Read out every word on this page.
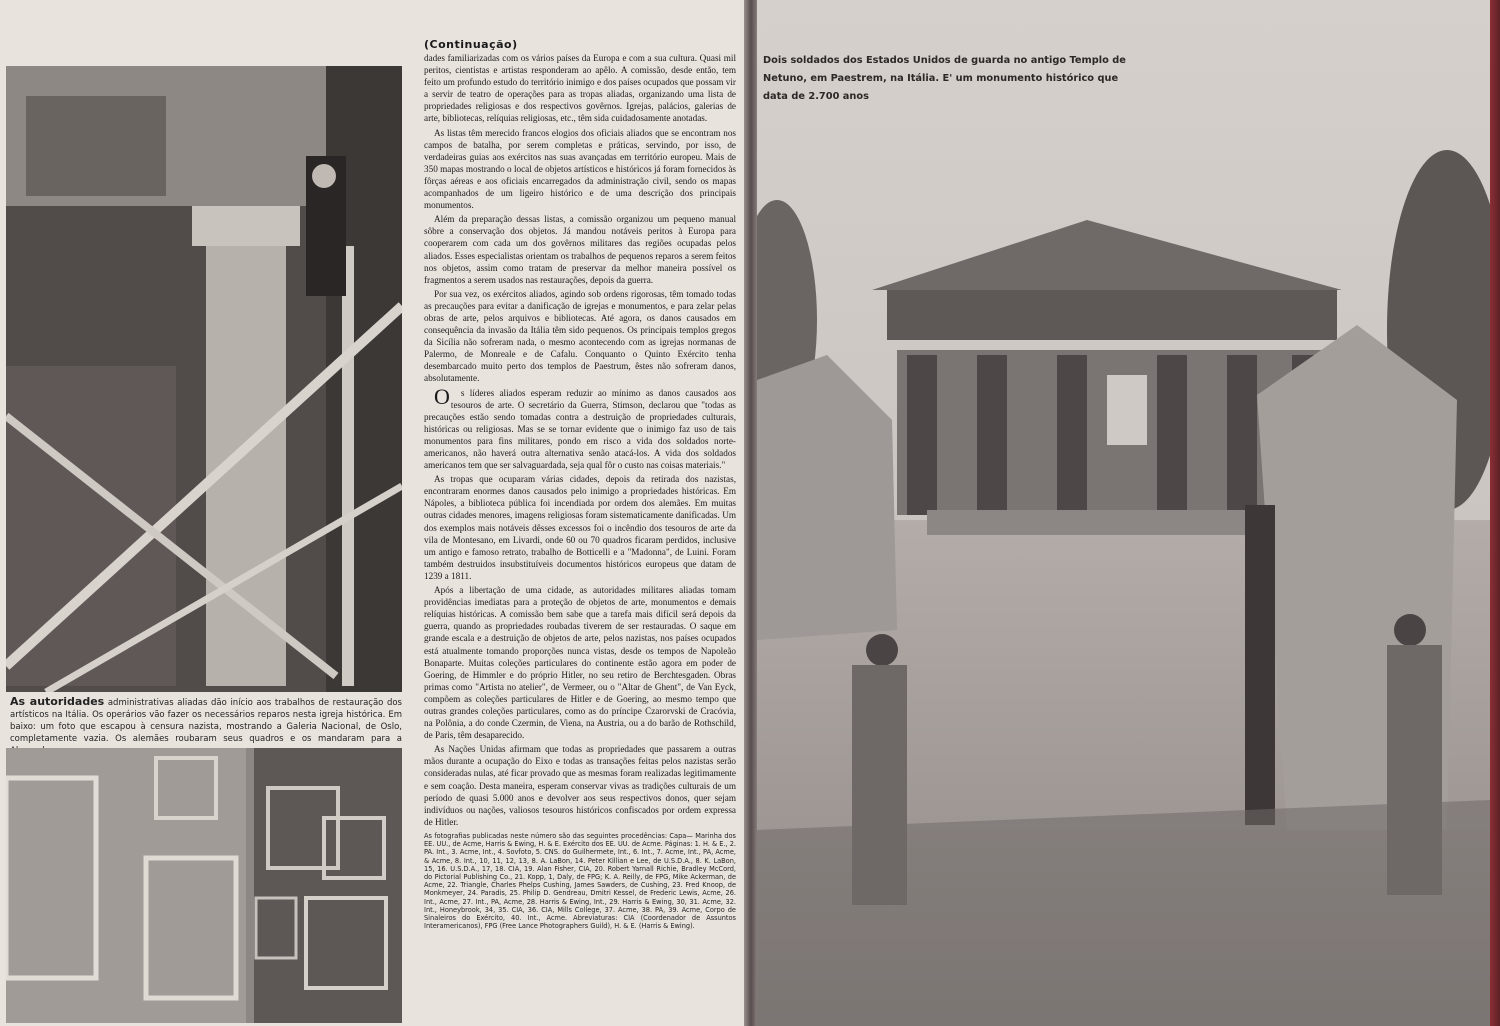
As autoridades administrativas aliadas dão início aos trabalhos de restauração dos artísticos na Itália. Os operários vão fazer os necessários reparos nesta igreja histórica. Em baixo: um foto que escapou à censura nazista, mostrando a Galeria Nacional, de Oslo, completamente vazia. Os alemães roubaram seus quadros e os mandaram para a
(Continuação)

dades familiarizadas com os vários países da Europa e com a sua cultura. Quasi mil peritos, cientistas e artistas responderam ao apêlo. A comissão, desde então, tem feito um profundo estudo do território inimigo e dos países ocupados que possam vir a servir de teatro de operações para as tropas aliadas, organizando uma lista de propriedades religiosas e dos respectivos govêrnos. Igrejas, palácios, galerias de arte, bibliotecas, relíquias religiosas, etc., têm sida cuidadosamente anotadas.

As listas têm merecido francos elogios dos oficiais aliados que se encontram nos campos de batalha, por serem completas e práticas, servindo, por isso, de verdadeiras guias aos exércitos nas suas avançadas em território europeu. Mais de 350 mapas mostrando o local de objetos artísticos e históricos já foram fornecidos às fôrças aéreas e aos oficiais encarregados da administração civil, sendo os mapas acompanhados de um ligeiro histórico e de uma descrição dos principais monumentos.

Além da preparação dessas listas, a comissão organizou um pequeno manual sôbre a conservação dos objetos. Já mandou notáveis peritos à Europa para cooperarem com cada um dos govêrnos militares das regiões ocupadas pelos aliados. Esses especialistas orientam os trabalhos de pequenos reparos a serem feitos nos objetos, assim como tratam de preservar da melhor maneira possível os fragmentos a serem usados nas restaurações, depois da guerra.

Por sua vez, os exércitos aliados, agindo sob ordens rigorosas, têm tomado todas as precauções para evitar a danificação de igrejas e monumentos, e para zelar pelas obras de arte, pelos arquivos e bibliotecas. Até agora, os danos causados em consequência da invasão da Itália têm sido pequenos. Os principais templos gregos da Sicília não sofreram nada, o mesmo acontecendo com as igrejas normanas de Palermo, de Monreale e de Cafalu. Conquanto o Quinto Exército tenha desembarcado muito perto dos templos de Paestrum, êstes não sofreram danos, absolutamente.

Os líderes aliados esperam reduzir ao mínimo as danos causados aos tesouros de arte. O secretário da Guerra, Stimson, declarou que "todas as precauções estão sendo tomadas contra a destruição de propriedades culturais, históricas ou religiosas. Mas se se tornar evidente que o inimigo faz uso de tais monumentos para fins militares, pondo em risco a vida dos soldados norte-americanos, não haverá outra alternativa senão atacá-los. A vida dos soldados americanos tem que ser salvaguardada, seja qual fôr o custo nas coisas materiais."

As tropas que ocuparam várias cidades, depois da retirada dos nazistas, encontraram enormes danos causados pelo inimigo a propriedades históricas. Em Nápoles, a biblioteca pública foi incendiada por ordem dos alemães. Em muitas outras cidades menores, imagens religiosas foram sistematicamente danificadas. Um dos exemplos mais notáveis dêsses excessos foi o incêndio dos tesouros de arte da vila de Montesano, em Livardi, onde 60 ou 70 quadros ficaram perdidos, inclusive um antigo e famoso retrato, trabalho de Botticelli e a "Madonna", de Luini. Foram também destruidos insubstituíveis documentos históricos europeus que datam de 1239 a 1811.

Após a libertação de uma cidade, as autoridades militares aliadas tomam providências imediatas para a proteção de objetos de arte, monumentos e demais relíquias históricas. A comissão bem sabe que a tarefa mais difícil será depois da guerra, quando as propriedades roubadas tiverem de ser restauradas. O saque em grande escala e a destruição de objetos de arte, pelos nazistas, nos países ocupados está atualmente tomando proporções nunca vistas, desde os tempos de Napoleão Bonaparte. Muitas coleções particulares do continente estão agora em poder de Goering, de Himmler e do próprio Hitler, no seu retiro de Berchtesgaden. Obras primas como "Artista no atelier", de Vermeer, ou o "Altar de Ghent", de Van Eyck, compõem as coleções particulares de Hitler e de Goering, ao mesmo tempo que outras grandes coleções particulares, como as do príncipe Czarorvski de Cracóvia, na Polônia, a do conde Czermin, de Viena, na Austria, ou a do barão de Rothschild, de Paris, têm desaparecido.

As Nações Unidas afirmam que todas as propriedades que passarem a outras mãos durante a ocupação do Eixo e todas as transações feitas pelos nazistas serão consideradas nulas, até ficar provado que as mesmas foram realizadas legitimamente e sem coação. Desta maneira, esperam conservar vivas as tradições culturais de um período de quasi 5.000 anos e devolver aos seus respectivos donos, quer sejam indivíduos ou nações, valiosos tesouros históricos confiscados por ordem expressa de Hitler.

As fotografias publicadas neste número são das seguintes procedências: Capa— Marinha dos EE. UU., de Acme, Harris & Ewing, H. & E. Exército dos EE. UU. de Acme. Páginas: 1. H. & E., 2. PA. Int., 3. Acme, Int., 4. Sovfoto, 5. CNS. do Guilhermete, Int., 6. Int., 7. Acme, Int., PA, Acme, & Acme, 8. Int., 10, 11, 12, 13, 8. A. LaBon, 14. Peter Killian e Lee, de U.S.D.A., 8. K. LaBon, 15, 16. U.S.D.A., 17, 18. CIA, 19. Alan Fisher, CIA, 20. Robert Yarnall Richie, Bradley McCord, do Pictorial Publishing Co., 21. Kopp, 1, Daly, de FPG; K. A. Reilly, de FPG, Mike Ackerman, de Acme, 22. Triangle, Charles Phelps Cushing, James Sawders, de Cushing, 23. Fred Knoop, de Monkmeyer, 24. Paradis, 25. Philip D. Gendreau, Dmitri Kessel, de Frederic Lewis, Acme, 26. Int., Acme, 27. Int., PA, Acme, 28. Harris & Ewing, Int., 29. Harris & Ewing, 30, 31. Acme, 32. Int., Honeybrook, 34, 35. CIA, 36. CIA, Mills College, 37. Acme, 38. PA, 39. Acme, Corpo de Sinaleiros do Exército, 40. Int., Acme. Abreviaturas: CIA (Coordenador de Assuntos Interamericanos), FPG (Free Lance Photographers Guild), H. & E. (Harris & Ewing).
Dois soldados dos Estados Unidos de guarda no antigo Templo de Netuno, em Paestrem, na Itália. E' um monumento histórico que data de 2.700 anos
